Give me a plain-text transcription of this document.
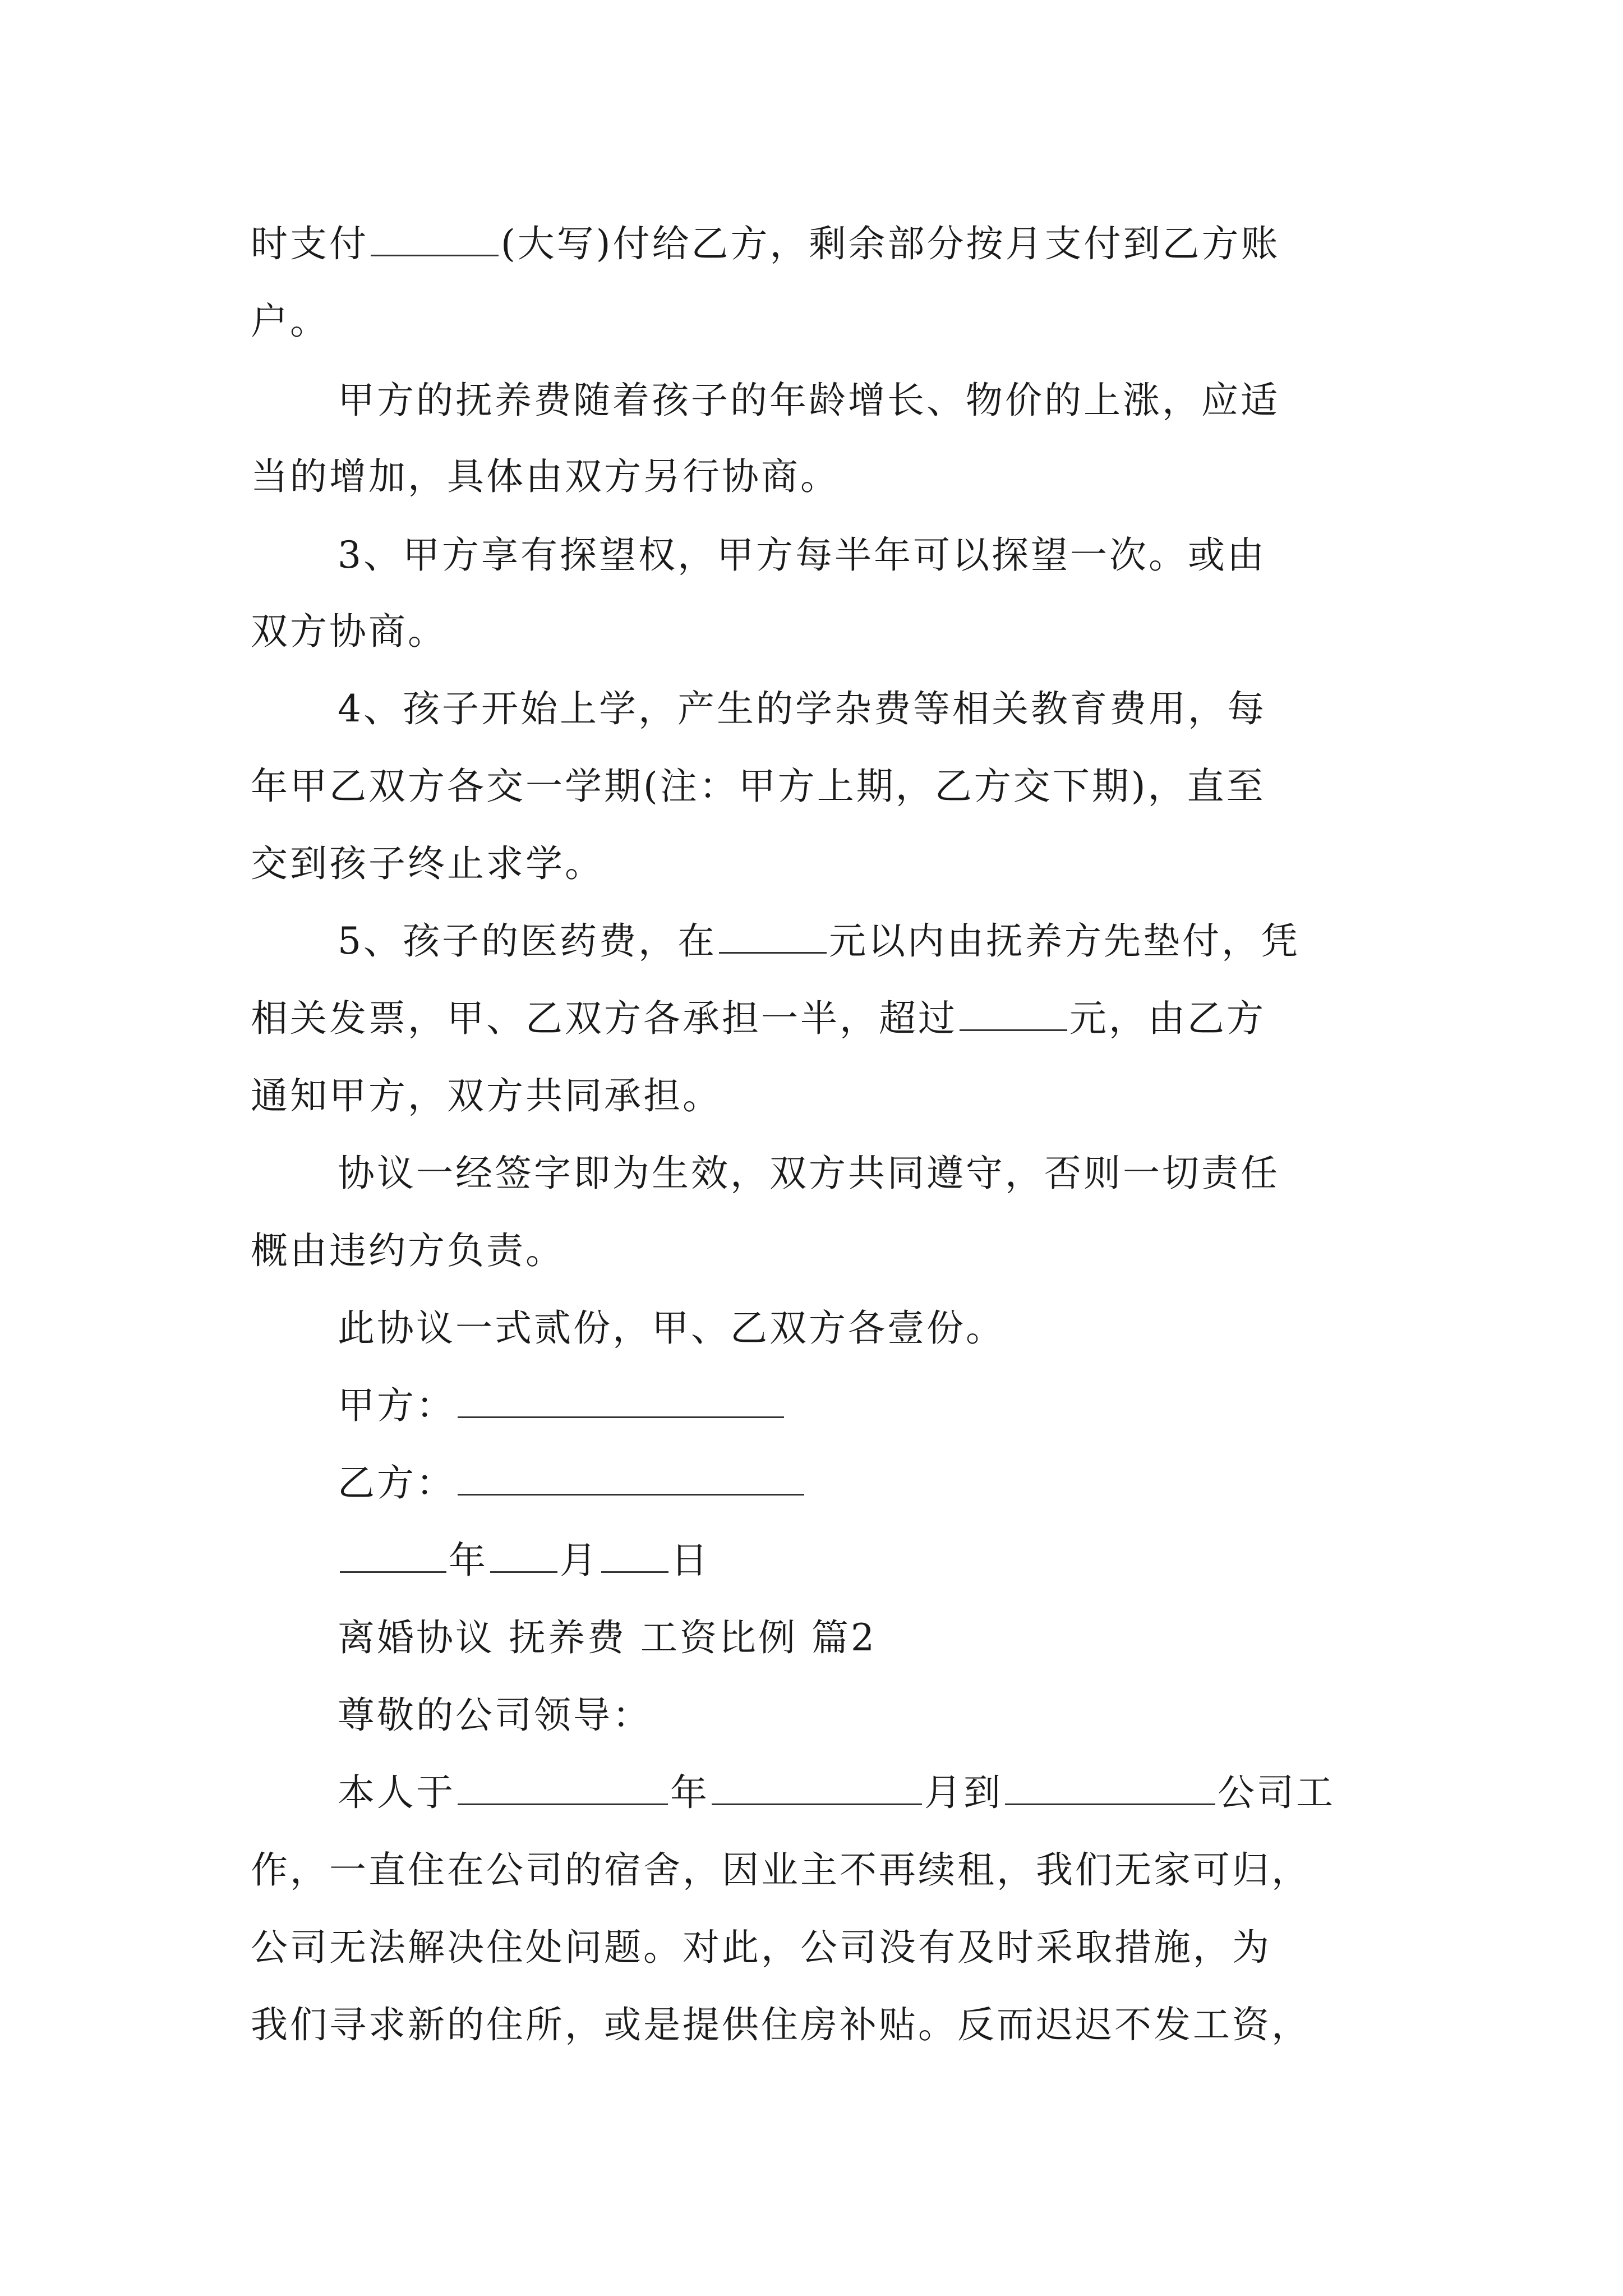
时支付	(大写)付给乙方，剩余部分按月支付到乙方账
户。
甲方的抚养费随着孩子的年龄增长、物价的上涨，应适
当的增加，具体由双方另行协商。
3、甲方享有探望权，甲方每半年可以探望一次。或由
双方协商。
4、孩子开始上学，产生的学杂费等相关教育费用，每
年甲乙双方各交一学期(注：甲方上期，乙方交下期)，直至
交到孩子终止求学。
5、孩子的医药费，在	元以内由抚养方先垫付，凭
相关发票，甲、乙双方各承担一半，超过	元，由乙方
通知甲方，双方共同承担。
协议一经签字即为生效，双方共同遵守，否则一切责任
概由违约方负责。
此协议一式贰份，甲、乙双方各壹份。
甲方：
乙方：
年 月 日
离婚协议 抚养费 工资比例 篇2
尊敬的公司领导：
本人于	年	月到	公司工
作，一直住在公司的宿舍，因业主不再续租，我们无家可归，
公司无法解决住处问题。对此，公司没有及时采取措施，为
我们寻求新的住所，或是提供住房补贴。反而迟迟不发工资，
